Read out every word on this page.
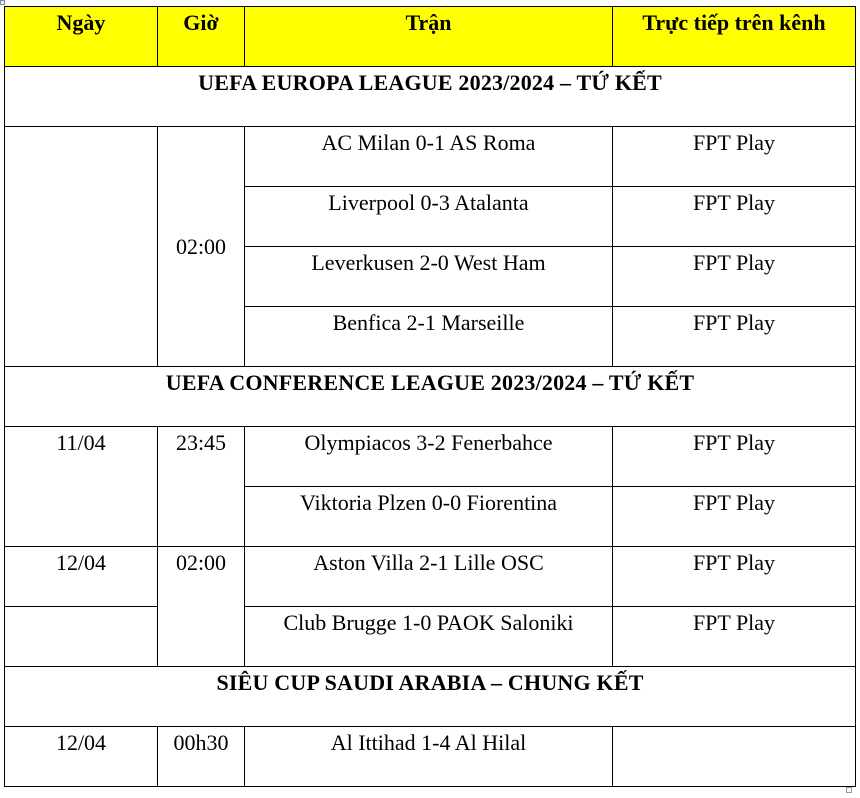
Ngày	Giờ	Trận	Trực tiếp trên kênh
UEFA EUROPA LEAGUE 2023/2024 – TỨ KẾT			
	02:00	AC Milan 0-1 AS Roma	FPT Play
		Liverpool 0-3 Atalanta	FPT Play
		Leverkusen 2-0 West Ham	FPT Play
		Benfica 2-1 Marseille	FPT Play
UEFA CONFERENCE LEAGUE 2023/2024 – TỨ KẾT			
11/04	23:45	Olympiacos 3-2 Fenerbahce	FPT Play
		Viktoria Plzen 0-0 Fiorentina	FPT Play
12/04	02:00	Aston Villa 2-1 Lille OSC	FPT Play
		Club Brugge 1-0 PAOK Saloniki	FPT Play
SIÊU CUP SAUDI ARABIA – CHUNG KẾT			
12/04	00h30	Al Ittihad 1-4 Al Hilal	
